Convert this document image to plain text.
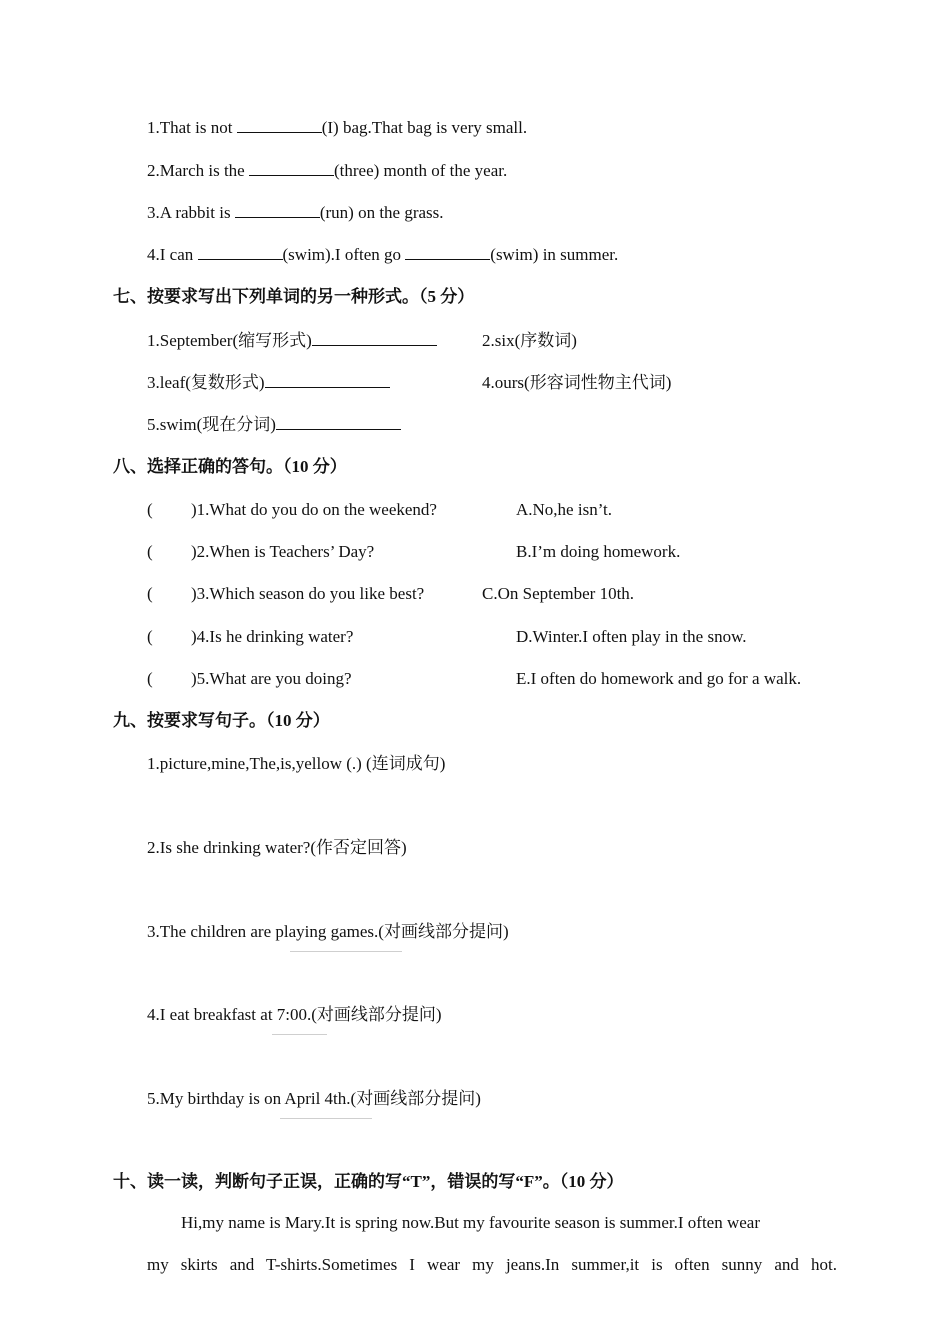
1.That is not	(I) bag.That bag is very small.
2.March is the	(three) month of the year.
3.A rabbit is	(run) on the grass.
4.I can	(swim).I often go	(swim) in summer.
七、按要求写出下列单词的另一种形式。（5 分）
1.September(缩写形式)	2.six(序数词)
3.leaf(复数形式)	4.ours(形容词性物主代词)
5.swim(现在分词)
八、选择正确的答句。（10 分）
( )1.What do you do on the weekend?	A.No,he isn’t.
( )2.When is Teachers’ Day?	B.I’m doing homework.
( )3.Which season do you like best?	C.On September 10th.
( )4.Is he drinking water?	D.Winter.I often play in the snow.
( )5.What are you doing?	E.I often do homework and go for a walk.
九、按要求写句子。（10 分）
1.picture,mine,The,is,yellow (.) (连词成句)
2.Is she drinking water?(作否定回答)
3.The children are playing games.(对画线部分提问)
4.I eat breakfast at 7:00.(对画线部分提问)
5.My birthday is on April 4th.(对画线部分提问)
十、读一读，判断句子正误，正确的写“T”，错误的写“F”。（10 分）
Hi,my name is Mary.It is spring now.But my favourite season is summer.I often wear
my skirts and T-shirts.Sometimes I wear my jeans.In summer,it is often sunny and hot.
